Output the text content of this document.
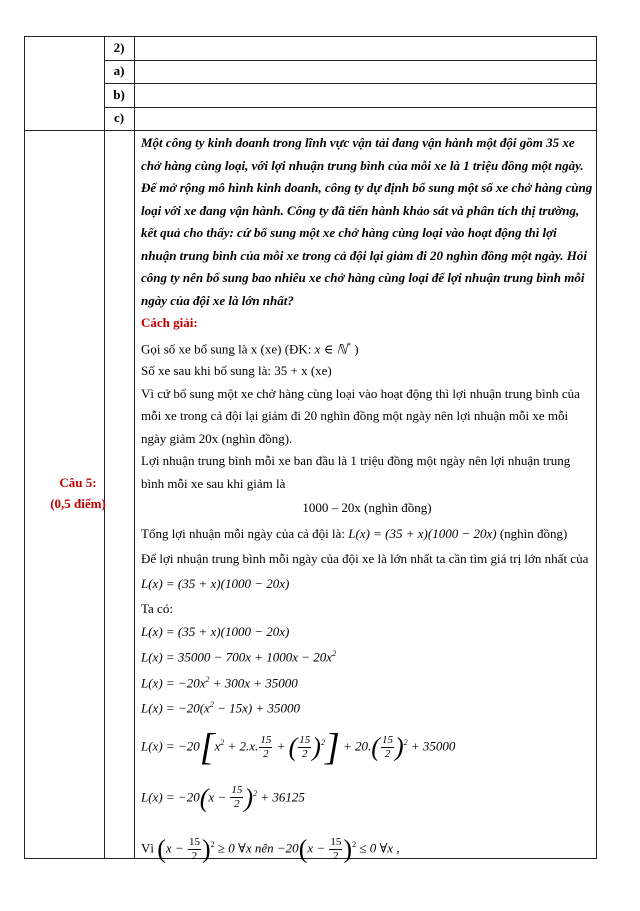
2)
a)
b)
c)
Câu 5:
(0,5 điểm)

Một công ty kinh doanh trong lĩnh vực vận tải đang vận hành một đội gồm 35 xe chở hàng cùng loại, với lợi nhuận trung bình của mỗi xe là 1 triệu đồng một ngày. Để mở rộng mô hình kinh doanh, công ty dự định bổ sung một số xe chở hàng cùng loại với xe đang vận hành. Công ty đã tiến hành khảo sát và phân tích thị trường, kết quả cho thấy: cứ bổ sung một xe chở hàng cùng loại vào hoạt động thì lợi nhuận trung bình của mỗi xe trong cả đội lại giảm đi 20 nghìn đồng một ngày. Hỏi công ty nên bổ sung bao nhiêu xe chở hàng cùng loại để lợi nhuận trung bình mỗi ngày của đội xe là lớn nhất?

Cách giải:

Gọi số xe bổ sung là x (xe) (ĐK: x ∈ ℕ* )

Số xe sau khi bổ sung là: 35 + x (xe)

Vì cứ bổ sung một xe chở hàng cùng loại vào hoạt động thì lợi nhuận trung bình của mỗi xe trong cả đội lại giảm đi 20 nghìn đồng một ngày nên lợi nhuận mỗi xe mỗi ngày giảm 20x (nghìn đồng).

Lợi nhuận trung bình mỗi xe ban đầu là 1 triệu đồng một ngày nên lợi nhuận trung bình mỗi xe sau khi giảm là

1000 – 20x (nghìn đồng)

Tổng lợi nhuận mỗi ngày của cả đội là: L(x) = (35 + x)(1000 − 20x) (nghìn đồng)

Để lợi nhuận trung bình mỗi ngày của đội xe là lớn nhất ta cần tìm giá trị lớn nhất của

L(x) = (35 + x)(1000 − 20x)

Ta có:

L(x) = (35 + x)(1000 − 20x)

$L(x) = 35000 - 700x + 1000x - 20x^2$

$L(x) = -20x^2 + 300x + 35000$

$L(x) = -20(x^2 - 15x) + 35000$

$L(x) = -20[x^2 + 2.x$. $\frac{15}{2}$ + ( $\frac{15}{2} )^2] + 20.( \frac{15}{2} )^2 + 35000$

$L(x) = -20(x - \frac{15}{2} )^2 + 36125$

Vì $(x - \frac{15}{2} )^2 \ge 0$ ∀x nên $-20(x - \frac{15}{2} )^2 \le 0$ ∀x ,
